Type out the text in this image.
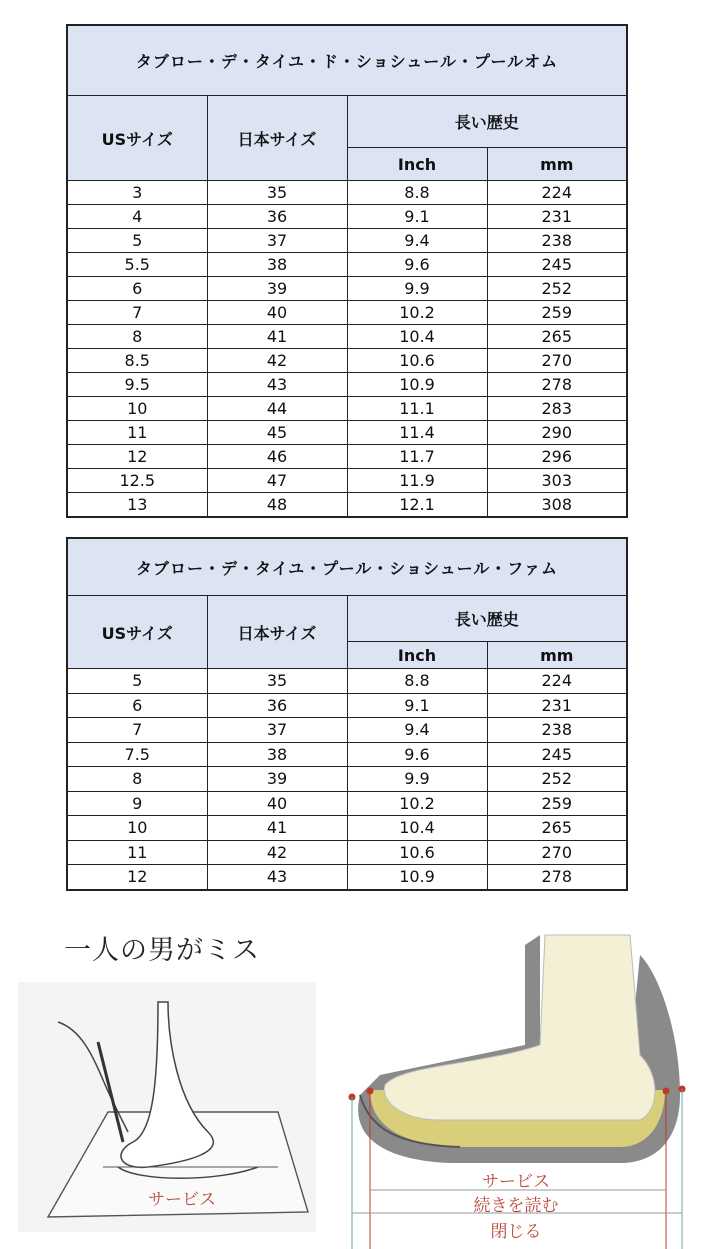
タブロー・デ・タイユ・ド・ショシュール・プールオム			
USサイズ	日本サイズ	長い歴史	
		Inch	mm
3	35	8.8	224
4	36	9.1	231
5	37	9.4	238
5.5	38	9.6	245
6	39	9.9	252
7	40	10.2	259
8	41	10.4	265
8.5	42	10.6	270
9.5	43	10.9	278
10	44	11.1	283
11	45	11.4	290
12	46	11.7	296
12.5	47	11.9	303
13	48	12.1	308
タブロー・デ・タイユ・プール・ショシュール・ファム			
USサイズ	日本サイズ	長い歴史	
		Inch	mm
5	35	8.8	224
6	36	9.1	231
7	37	9.4	238
7.5	38	9.6	245
8	39	9.9	252
9	40	10.2	259
10	41	10.4	265
11	42	10.6	270
12	43	10.9	278
一人の男がミス
サービス
サービス
続きを読む
閉じる
